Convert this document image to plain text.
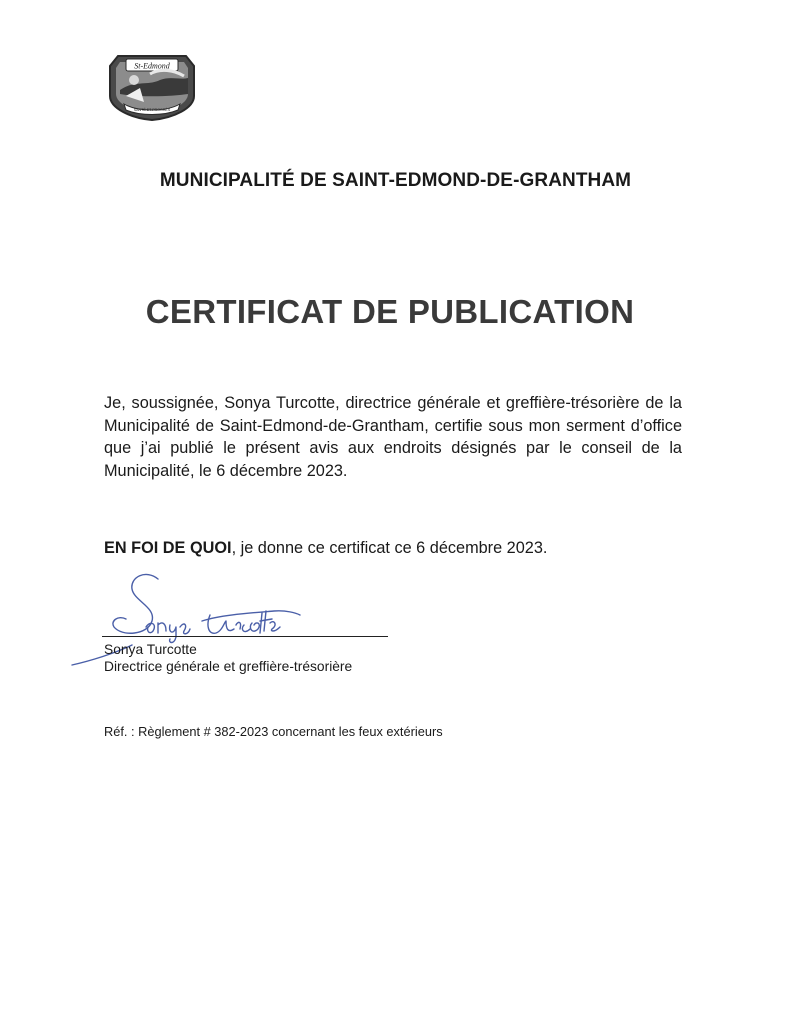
St-Edmond
SANTÉ ET PROGRÈS
MUNICIPALITÉ DE SAINT-EDMOND-DE-GRANTHAM
CERTIFICAT DE PUBLICATION
Je, soussignée, Sonya Turcotte, directrice générale et greffière-trésorière de la Municipalité de Saint-Edmond-de-Grantham, certifie sous mon serment d’office que j’ai publié le présent avis aux endroits désignés par le conseil de la Municipalité, le 6 décembre 2023.
EN FOI DE QUOI, je donne ce certificat ce 6 décembre 2023.
Sonya Turcotte
Directrice générale et greffière-trésorière
Réf. : Règlement # 382-2023 concernant les feux extérieurs
